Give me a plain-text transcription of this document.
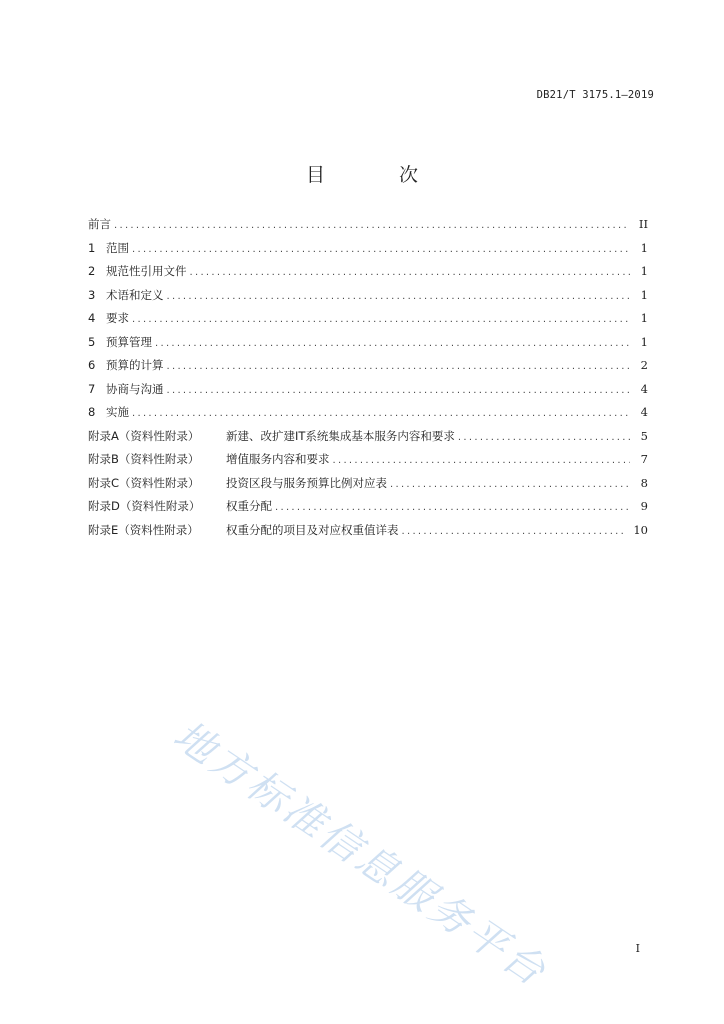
DB21/T 3175.1—2019
目 次
前言 .....	II
1 范围 .....	1
2 规范性引用文件 .....	1
3 术语和定义 .....	1
4 要求 .....	1
5 预算管理 .....	1
6 预算的计算 .....	2
7 协商与沟通 .....	4
8 实施 .....	4
附录A（资料性附录）	新建、改扩建IT系统集成基本服务内容和要求 .....	5
附录B（资料性附录）	增值服务内容和要求 .....	7
附录C（资料性附录）	投资区段与服务预算比例对应表 .....	8
附录D（资料性附录）	权重分配 .....	9
附录E（资料性附录）	权重分配的项目及对应权重值详表 .....	10
地方标准信息服务平台	I
